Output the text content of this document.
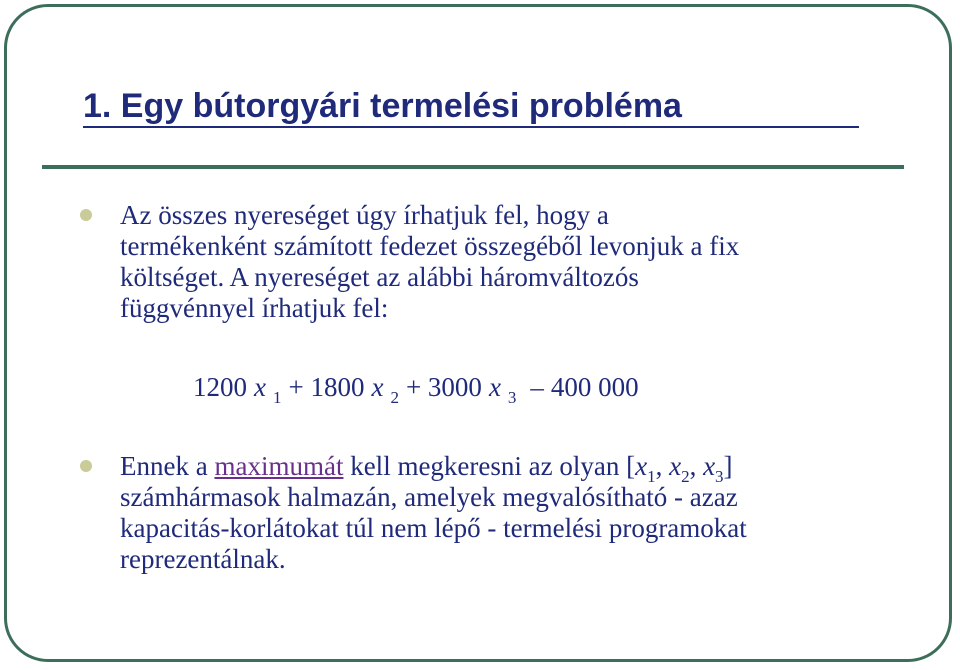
1. Egy bútorgyári termelési probléma
Az összes nyereséget úgy írhatjuk fel, hogy a
termékenként számított fedezet összegéből levonjuk a fix
költséget. A nyereséget az alábbi háromváltozós
függvénnyel írhatjuk fel:
1200 x $_1$ + 1800 x $_2$ + 3000 x $_3$ – 400 000
Ennek a maximumát kell megkeresni az olyan [$x_1$, $x_2$, $x_3$]
számhármasok halmazán, amelyek megvalósítható - azaz
kapacitás-korlátokat túl nem lépő - termelési programokat
reprezentálnak.
